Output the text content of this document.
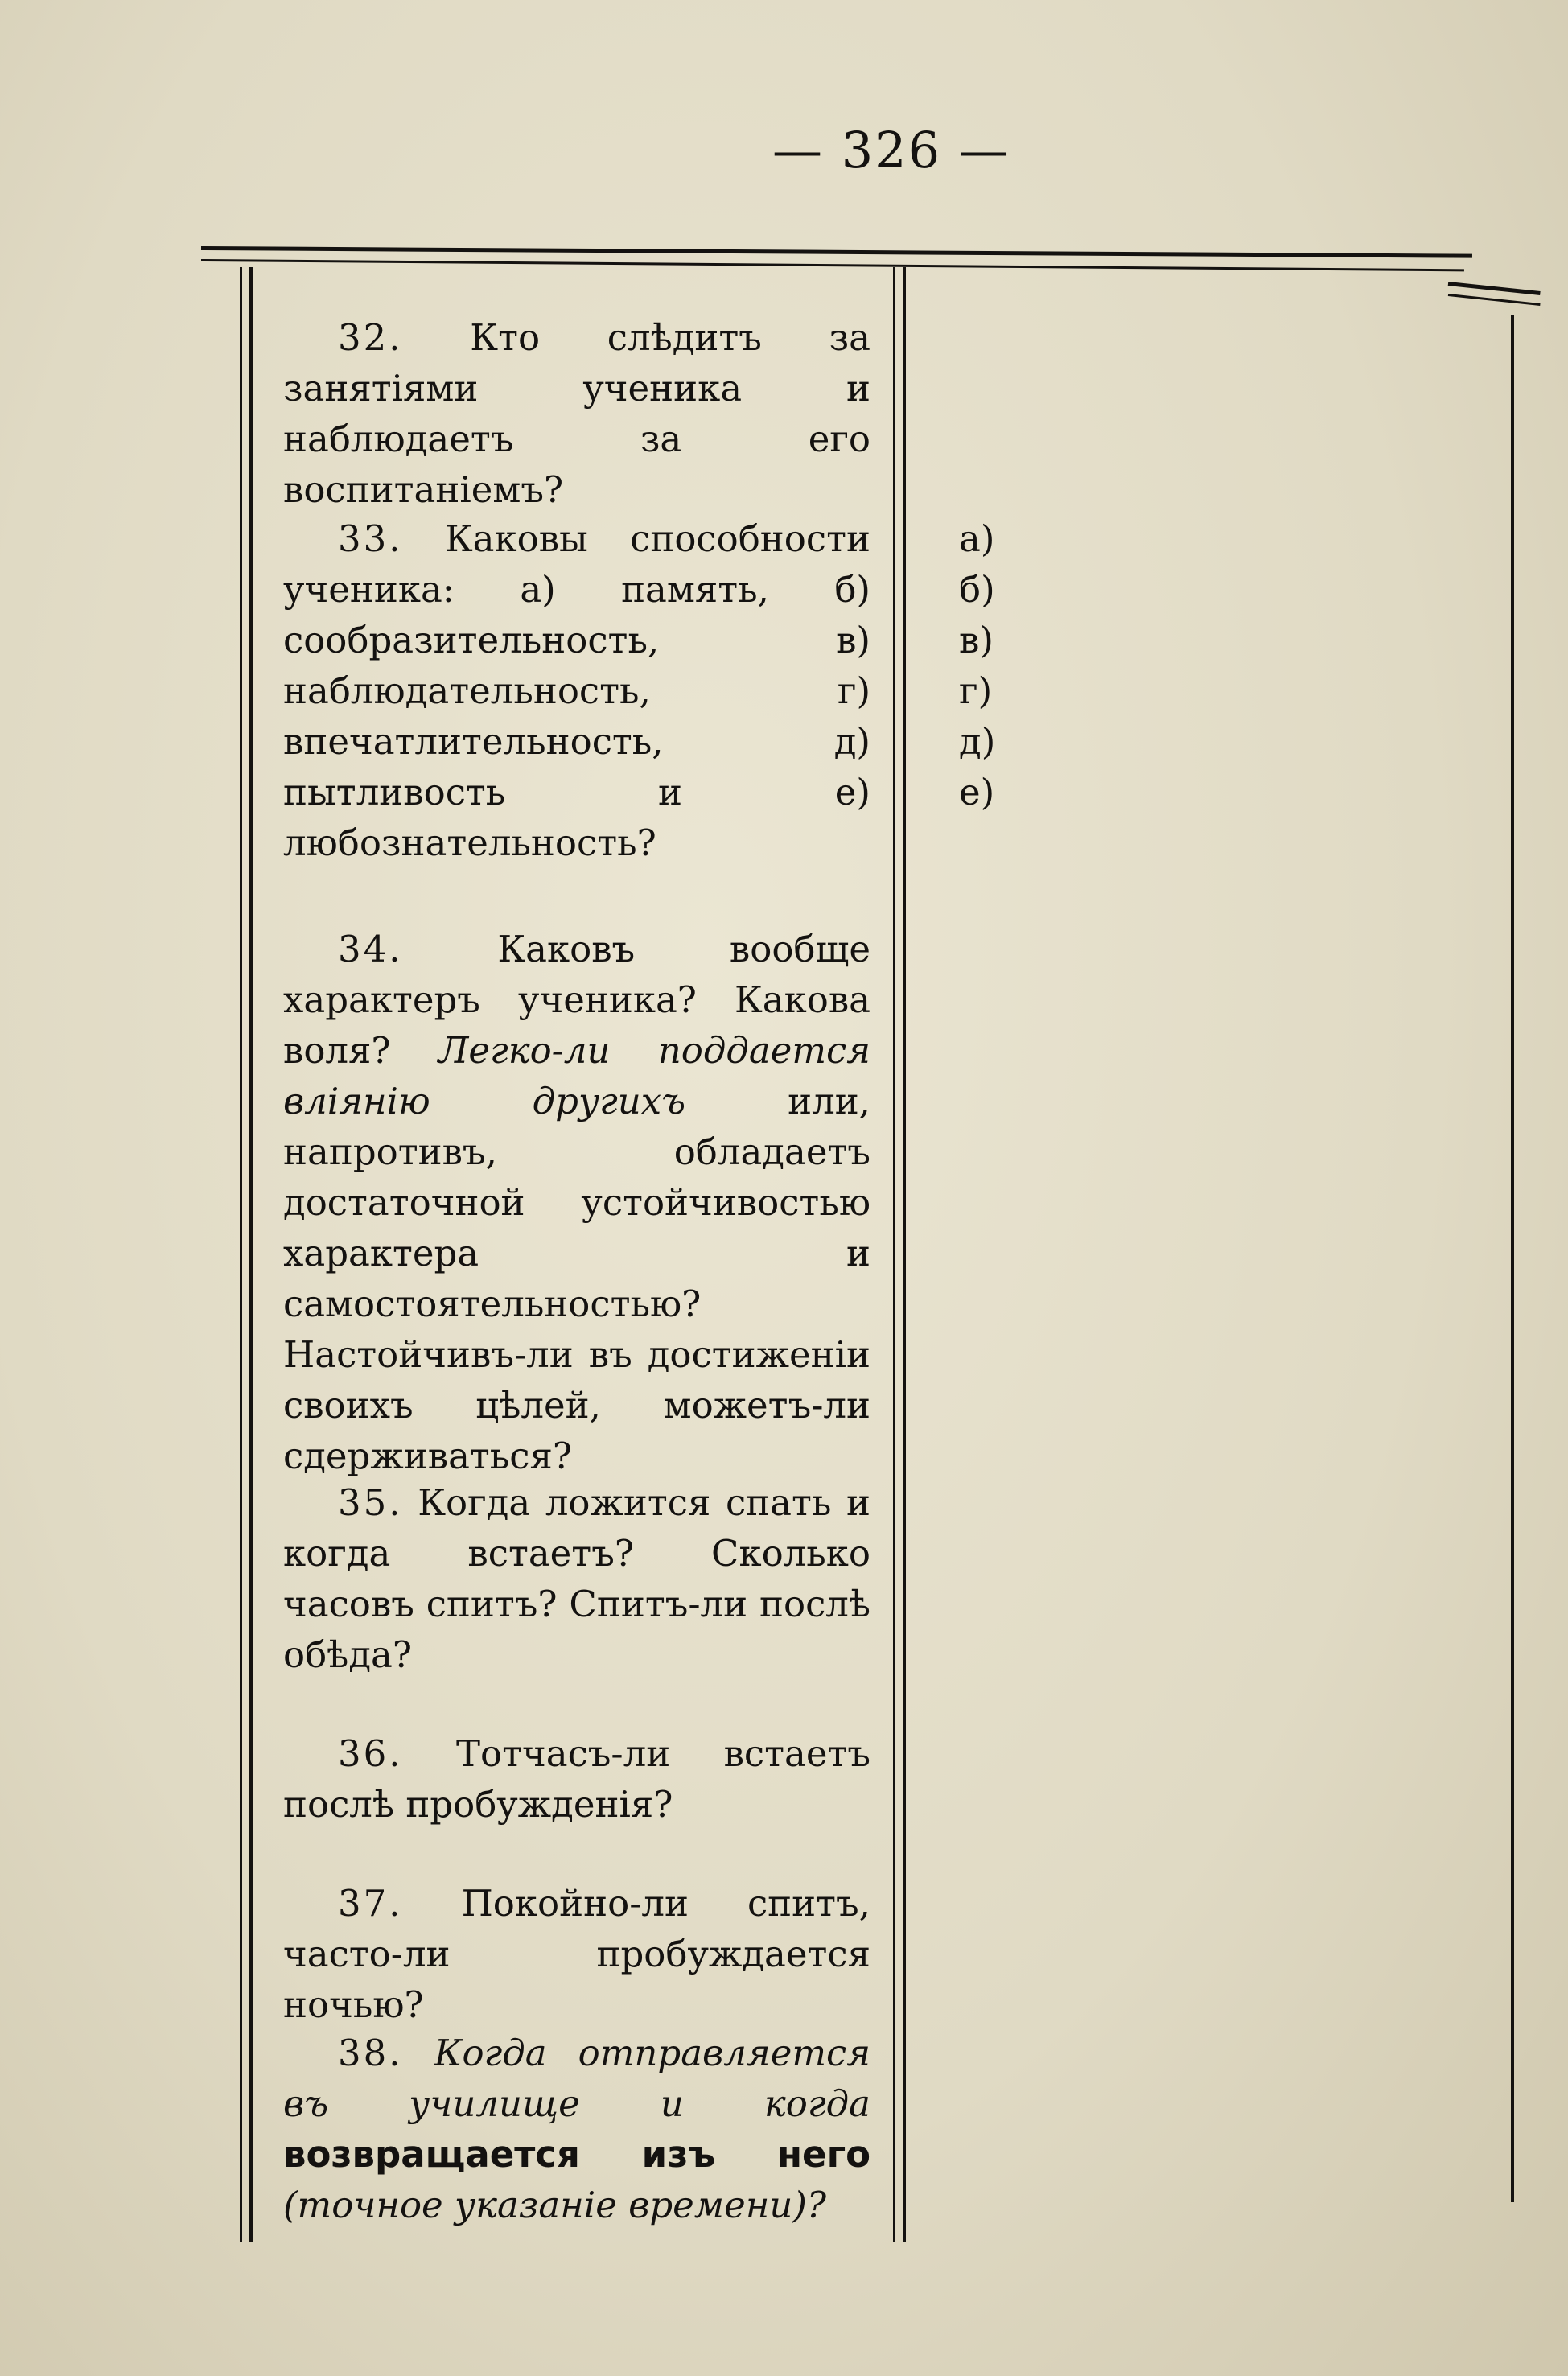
— 326 —
32. Кто слѣдитъ за занятіями ученика и наблюдаетъ за его воспитаніемъ?
33. Каковы способности ученика: а) память, б) сообразительность, в) наблюдательность, г) впечатлительность, д) пытливость и е) любознательность?
34.	Каковъ вообще характеръ ученика? Какова воля? Легко-ли поддается вліянію другихъ	или, напротивъ, обладаетъ достаточной устойчивостью характера и самостоятельностью? Настойчивъ-ли въ достиженіи своихъ цѣлей, можетъ-ли сдерживаться?
35. Когда ложится спать и когда встаетъ? Сколько часовъ спитъ? Спитъ-ли послѣ обѣда?
36. Тотчасъ-ли встаетъ послѣ пробужденія?
37. Покойно-ли спитъ, часто-ли пробуждается ночью?
38. Когда отправляется въ училище и когда возвращается изъ него (точное указаніе времени)?
а)
б)
в)
г)
д)
е)
